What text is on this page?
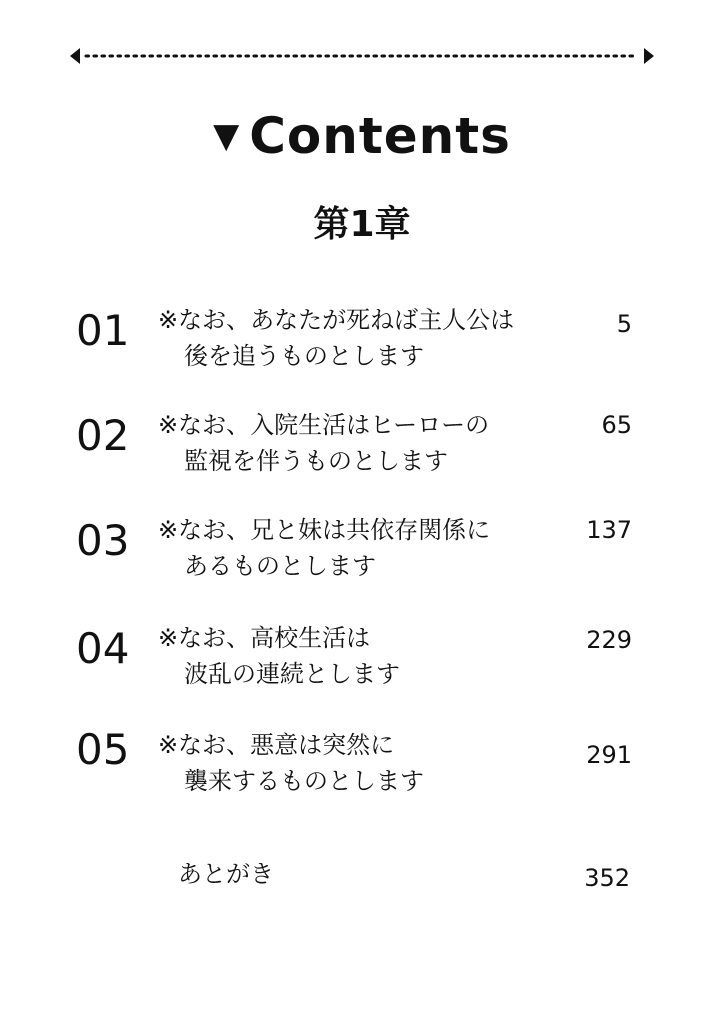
▼ Contents
第1章
01 ※なお、あなたが死ねば主人公は
後を追うものとします
5
02 ※なお、入院生活はヒーローの
監視を伴うものとします
65
03 ※なお、兄と妹は共依存関係に
あるものとします
137
04 ※なお、高校生活は
波乱の連続とします
229
05 ※なお、悪意は突然に
襲来するものとします
291
あとがき	352
